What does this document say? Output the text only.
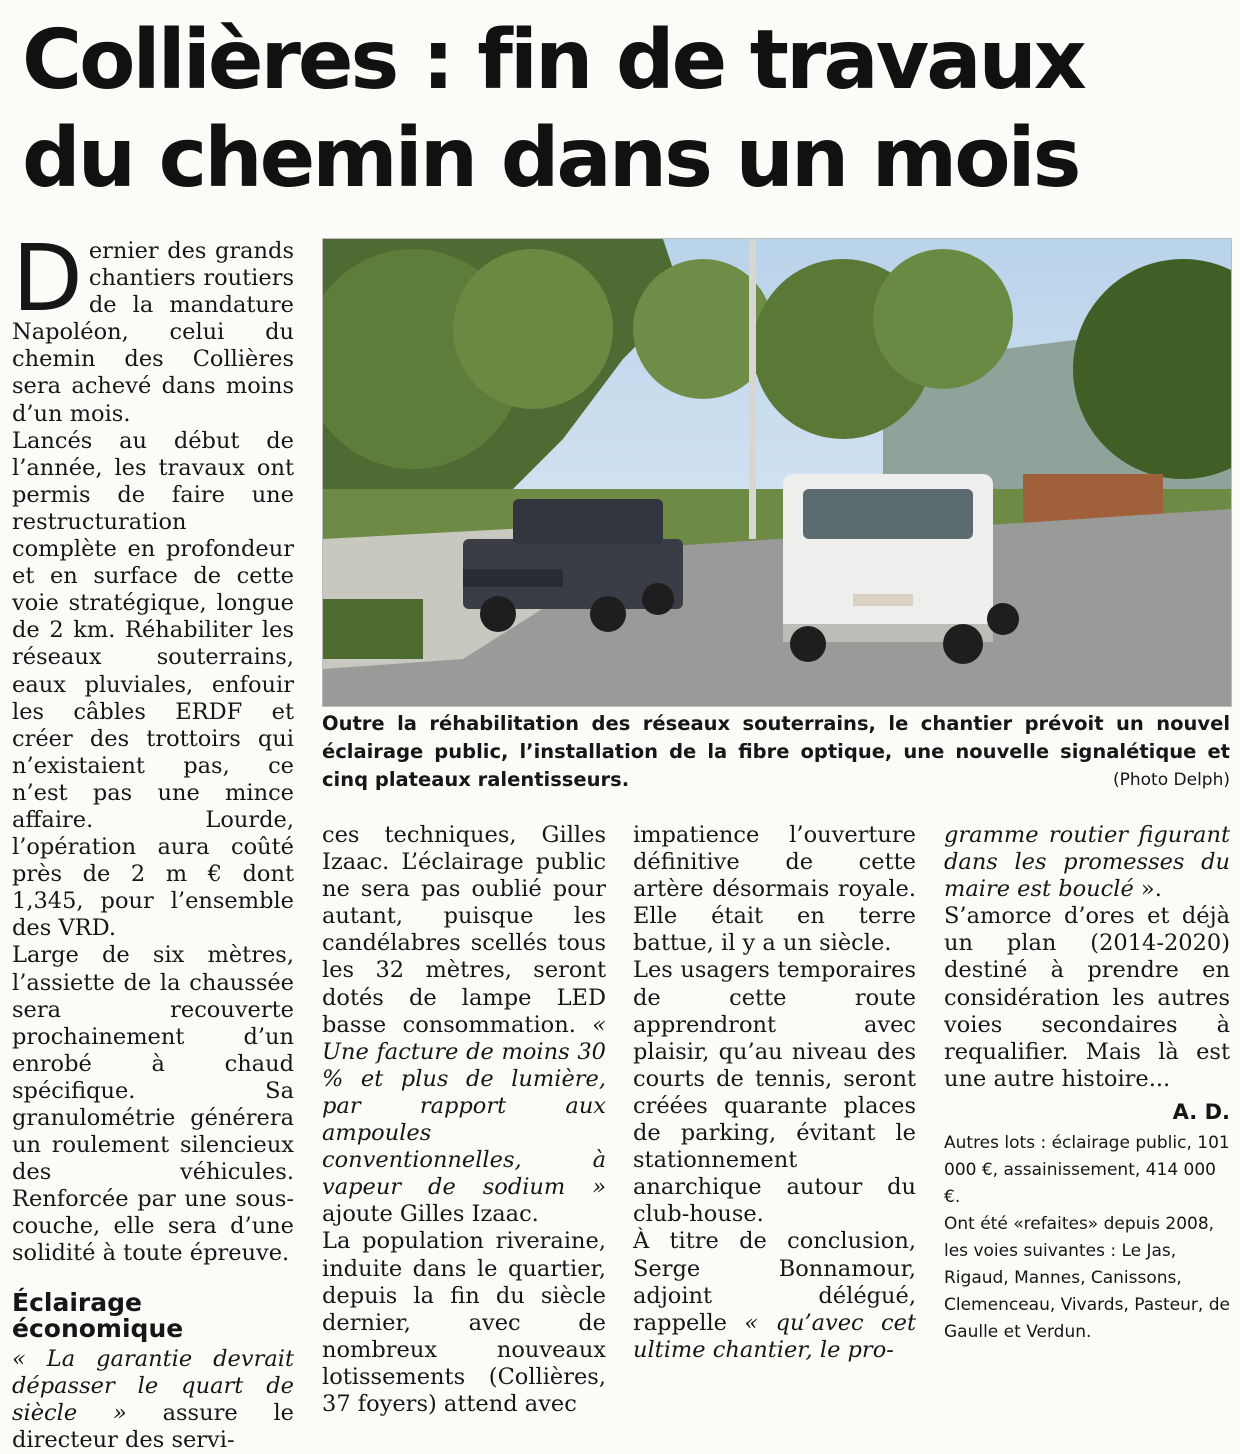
Collières : fin de travaux
du chemin dans un mois

Dernier des grands chantiers routiers de la mandature Napoléon, celui du chemin des Collières sera achevé dans moins d’un mois.

Lancés au début de l’année, les travaux ont permis de faire une restructuration complète en profondeur et en surface de cette voie stratégique, longue de 2 km. Réhabiliter les réseaux souterrains, eaux pluviales, enfouir les câbles ERDF et créer des trottoirs qui n’existaient pas, ce n’est pas une mince affaire. Lourde, l’opération aura coûté près de 2 m € dont 1,345, pour l’ensemble des VRD.

Large de six mètres, l’assiette de la chaussée sera recouverte prochainement d’un enrobé à chaud spécifique. Sa granulométrie générera un roulement silencieux des véhicules. Renforcée par une sous-couche, elle sera d’une solidité à toute épreuve.

Éclairage
économique

« La garantie devrait dépasser le quart de siècle » assure le directeur des servi-

Outre la réhabilitation des réseaux souterrains, le chantier prévoit un nouvel éclairage public, l’installation de la fibre optique, une nouvelle signalétique et cinq plateaux ralentisseurs.	(Photo Delph)

ces techniques, Gilles Izaac. L’éclairage public ne sera pas oublié pour autant, puisque les candélabres scellés tous les 32 mètres, seront dotés de lampe LED basse consommation. « Une facture de moins 30 % et plus de lumière, par rapport aux ampoules conventionnelles, à vapeur de sodium » ajoute Gilles Izaac.

La population riveraine, induite dans le quartier, depuis la fin du siècle dernier, avec de nombreux nouveaux lotissements (Collières, 37 foyers) attend avec

impatience l’ouverture définitive de cette artère désormais royale. Elle était en terre battue, il y a un siècle.

Les usagers temporaires de cette route apprendront avec plaisir, qu’au niveau des courts de tennis, seront créées quarante places de parking, évitant le stationnement anarchique autour du club-house.

À titre de conclusion, Serge Bonnamour, adjoint délégué, rappelle « qu’avec cet ultime chantier, le pro-

gramme routier figurant dans les promesses du maire est bouclé ».

S’amorce d’ores et déjà un plan (2014-2020) destiné à prendre en considération les autres voies secondaires à requalifier. Mais là est une autre histoire...

A. D.

Autres lots : éclairage public, 101 000 €, assainissement, 414 000 €.

Ont été «refaites» depuis 2008, les voies suivantes : Le Jas, Rigaud, Mannes, Canissons, Clemenceau, Vivards, Pasteur, de Gaulle et Verdun.
